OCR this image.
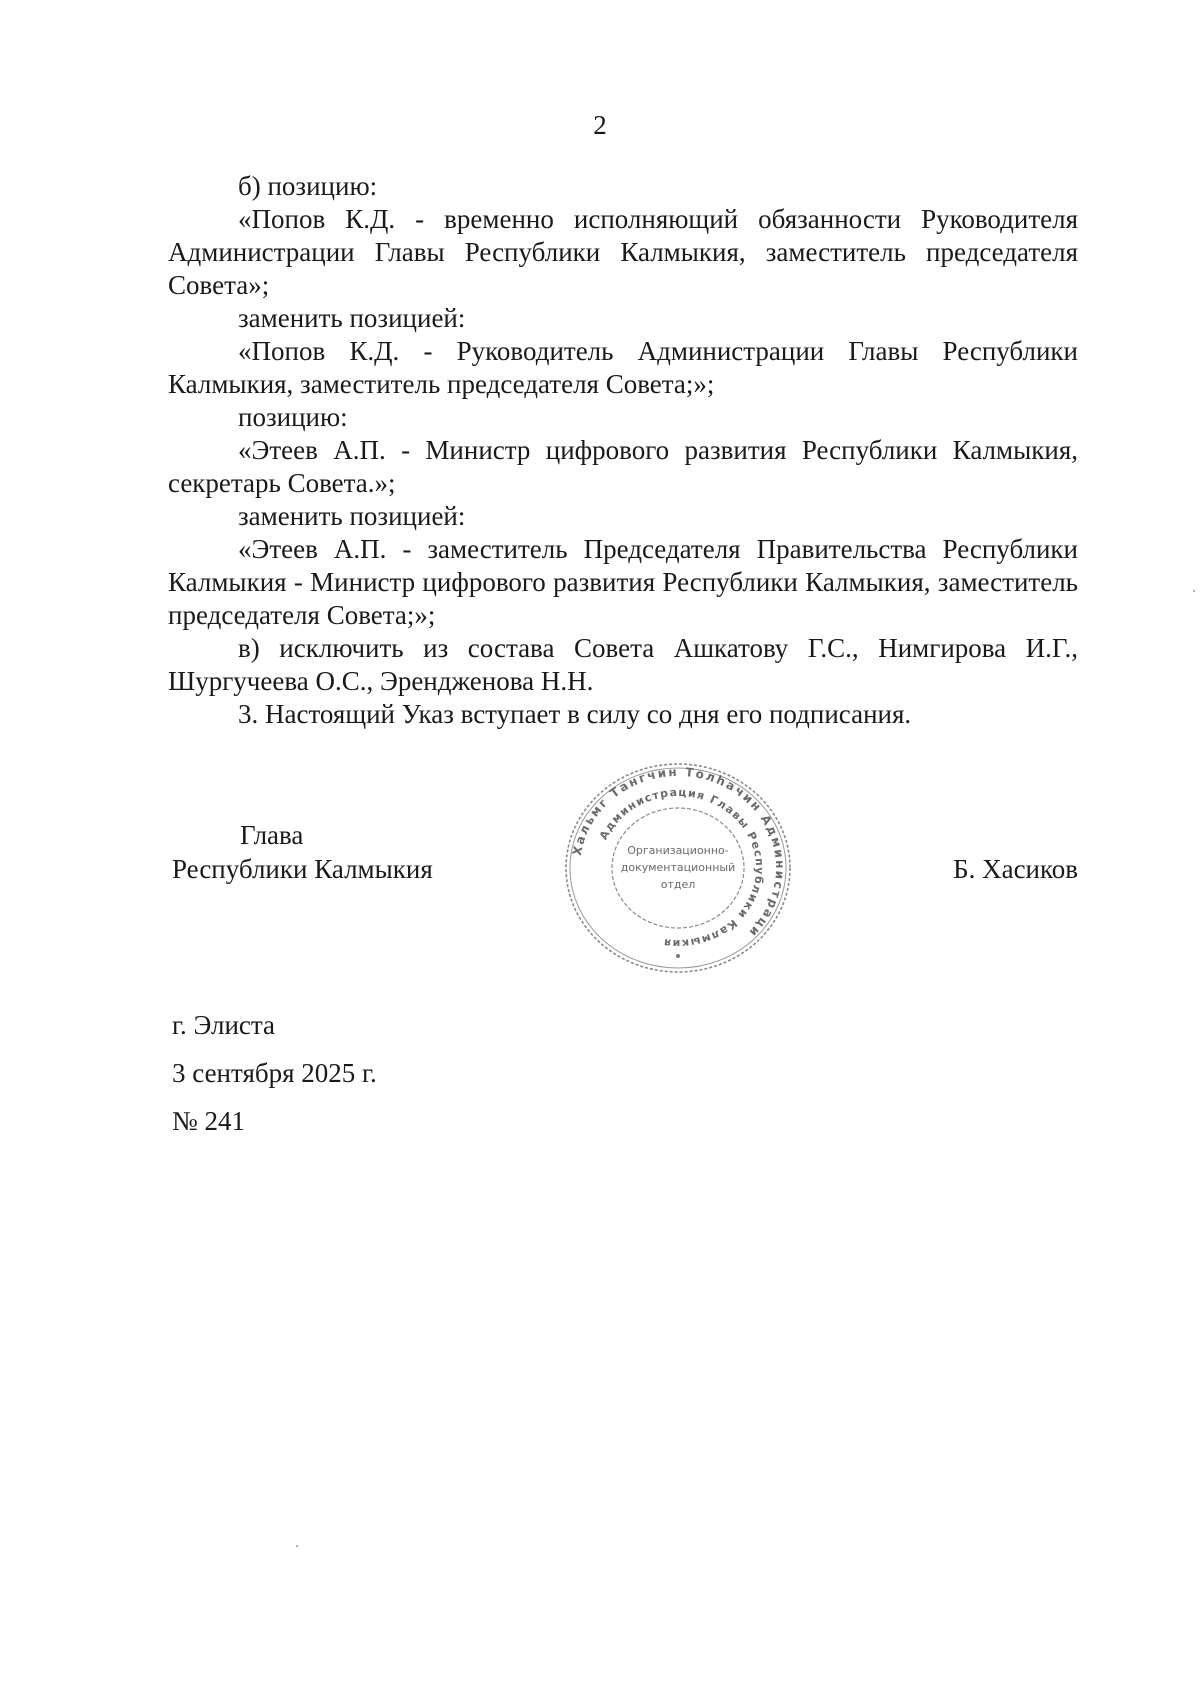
2

б) позицию:

«Попов К.Д. - временно исполняющий обязанности Руководителя Администрации Главы Республики Калмыкия, заместитель председателя Совета»;

заменить позицией:

«Попов К.Д. - Руководитель Администрации Главы Республики Калмыкия, заместитель председателя Совета;»;

позицию:

«Этеев А.П. - Министр цифрового развития Республики Калмыкия, секретарь Совета.»;

заменить позицией:

«Этеев А.П. - заместитель Председателя Правительства Республики Калмыкия - Министр цифрового развития Республики Калмыкия, заместитель председателя Совета;»;

в) исключить из состава Совета Ашкатову Г.С., Нимгирова И.Г., Шургучеева О.С., Эрендженова Н.Н.

3. Настоящий Указ вступает в силу со дня его подписания.

Глава
Республики Калмыкия
Хальмг Тангчин Толһачин Администраци
Администрация Главы Республики Калмыкия
Организационно-
документационный
отдел
Б. Хасиков
г. Элиста
3 сентября 2025 г.
№ 241
